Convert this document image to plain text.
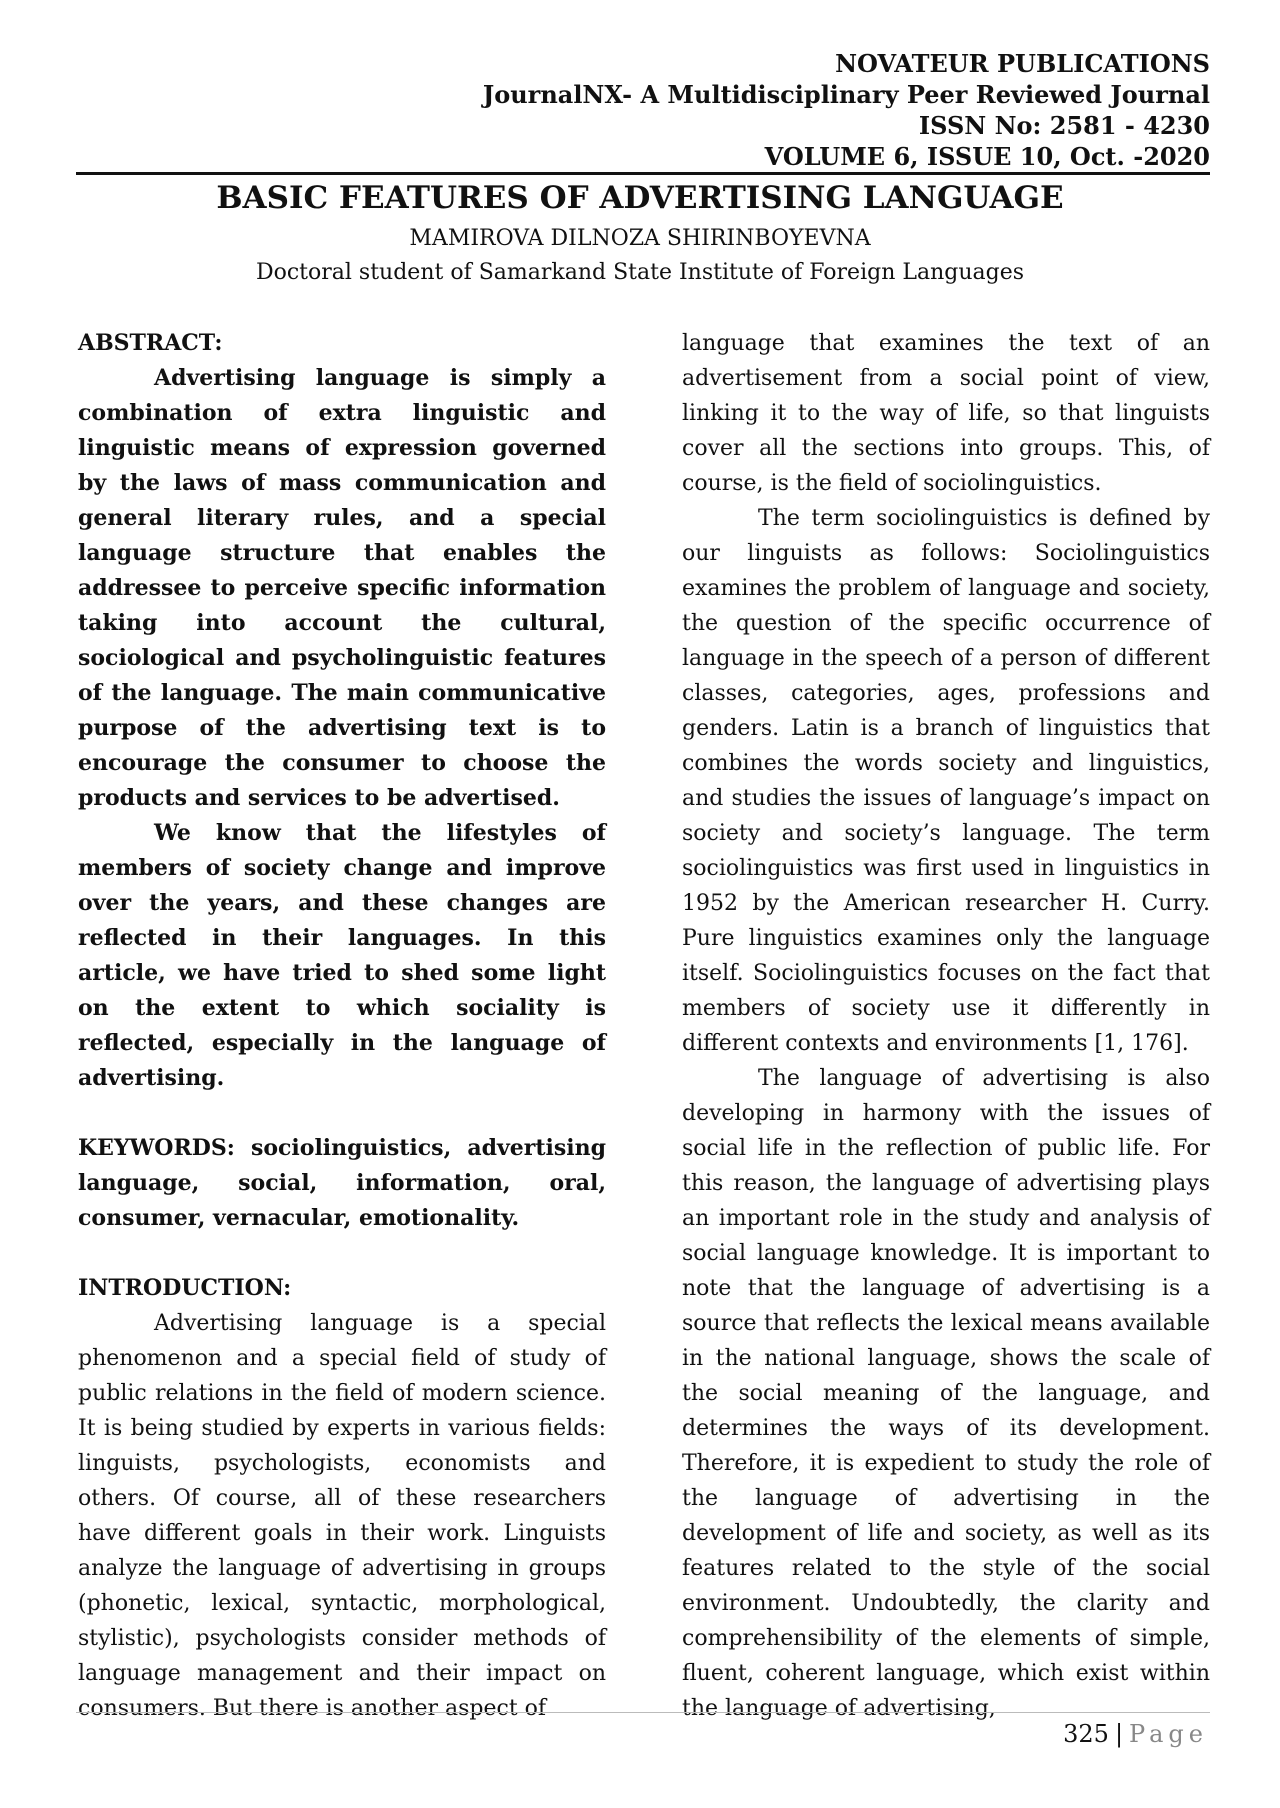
NOVATEUR PUBLICATIONS
JournalNX- A Multidisciplinary Peer Reviewed Journal
ISSN No: 2581 - 4230
VOLUME 6, ISSUE 10, Oct. -2020
BASIC FEATURES OF ADVERTISING LANGUAGE
MAMIROVA DILNOZA SHIRINBOYEVNA
Doctoral student of Samarkand State Institute of Foreign Languages

ABSTRACT:

Advertising language is simply a combination of extra linguistic and linguistic means of expression governed by the laws of mass communication and general literary rules, and a special language structure that enables the addressee to perceive specific information taking into account the cultural, sociological and psycholinguistic features of the language. The main communicative purpose of the advertising text is to encourage the consumer to choose the products and services to be advertised.

We know that the lifestyles of members of society change and improve over the years, and these changes are reflected in their languages. In this article, we have tried to shed some light on the extent to which sociality is reflected, especially in the language of advertising.

KEYWORDS: sociolinguistics, advertising language, social, information, oral, consumer, vernacular, emotionality.

INTRODUCTION:

Advertising language is a special phenomenon and a special field of study of public relations in the field of modern science. It is being studied by experts in various fields: linguists, psychologists, economists and others. Of course, all of these researchers have different goals in their work. Linguists analyze the language of advertising in groups (phonetic, lexical, syntactic, morphological, stylistic), psychologists consider methods of language management and their impact on consumers. But there is another aspect of

language that examines the text of an advertisement from a social point of view, linking it to the way of life, so that linguists cover all the sections into groups. This, of course, is the field of sociolinguistics.

The term sociolinguistics is defined by our linguists as follows: Sociolinguistics examines the problem of language and society, the question of the specific occurrence of language in the speech of a person of different classes, categories, ages, professions and genders. Latin is a branch of linguistics that combines the words society and linguistics, and studies the issues of language’s impact on society and society’s language. The term sociolinguistics was first used in linguistics in 1952 by the American researcher H. Curry. Pure linguistics examines only the language itself. Sociolinguistics focuses on the fact that members of society use it differently in different contexts and environments [1, 176].

The language of advertising is also developing in harmony with the issues of social life in the reflection of public life. For this reason, the language of advertising plays an important role in the study and analysis of social language knowledge. It is important to note that the language of advertising is a source that reflects the lexical means available in the national language, shows the scale of the social meaning of the language, and determines the ways of its development. Therefore, it is expedient to study the role of the language of advertising in the development of life and society, as well as its features related to the style of the social environment. Undoubtedly, the clarity and comprehensibility of the elements of simple, fluent, coherent language, which exist within the language of advertising,

325 | Page
